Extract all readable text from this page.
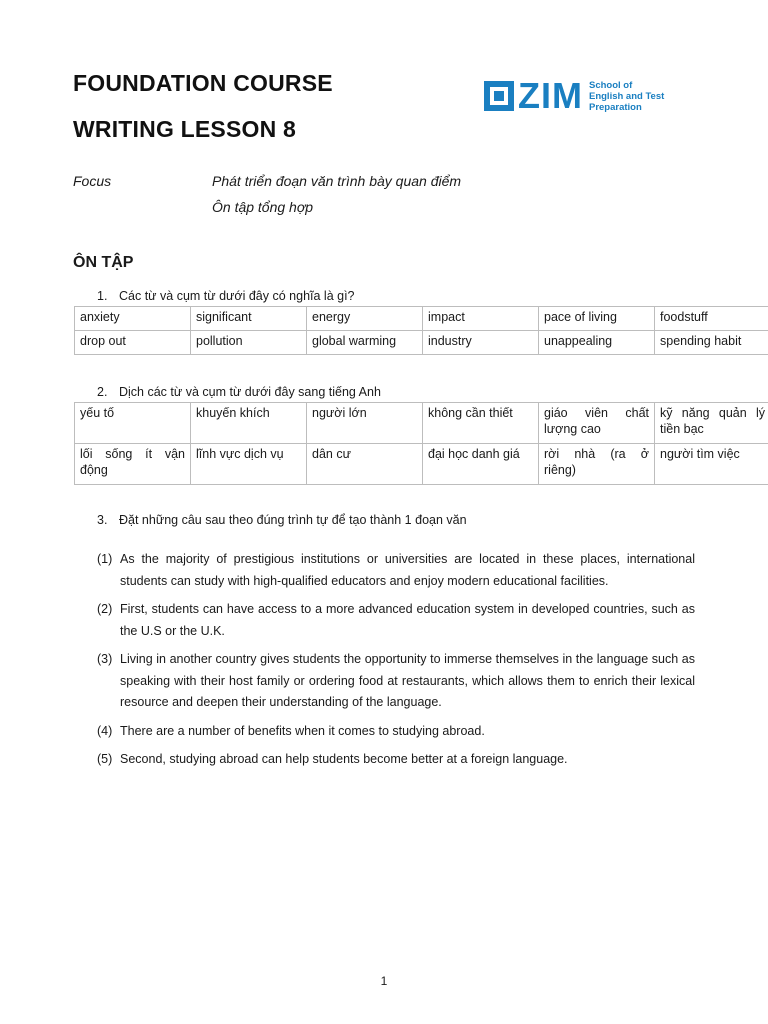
FOUNDATION COURSE
WRITING LESSON 8
ZIM School of
English and Test
Preparation
Focus	Phát triển đoạn văn trình bày quan điểm
Ôn tập tổng hợp
ÔN TẬP
1. Các từ và cụm từ dưới đây có nghĩa là gì?
anxiety	significant	energy	impact	pace of living	foodstuff
drop out	pollution	global warming	industry	unappealing	spending habit
2. Dịch các từ và cụm từ dưới đây sang tiếng Anh
yếu tố	khuyến khích	người lớn	không cần thiết	giáo viên chất lượng cao	kỹ năng quản lý tiền bạc
lối sống ít vận động	lĩnh vực dịch vụ	dân cư	đại học danh giá	rời nhà (ra ở riêng)	người tìm việc
3. Đặt những câu sau theo đúng trình tự để tạo thành 1 đoạn văn
(1) As the majority of prestigious institutions or universities are located in these places, international students can study with high-qualified educators and enjoy modern educational facilities.
(2) First, students can have access to a more advanced education system in developed countries, such as the U.S or the U.K.
(3) Living in another country gives students the opportunity to immerse themselves in the language such as speaking with their host family or ordering food at restaurants, which allows them to enrich their lexical resource and deepen their understanding of the language.
(4) There are a number of benefits when it comes to studying abroad.
(5) Second, studying abroad can help students become better at a foreign language.
1
